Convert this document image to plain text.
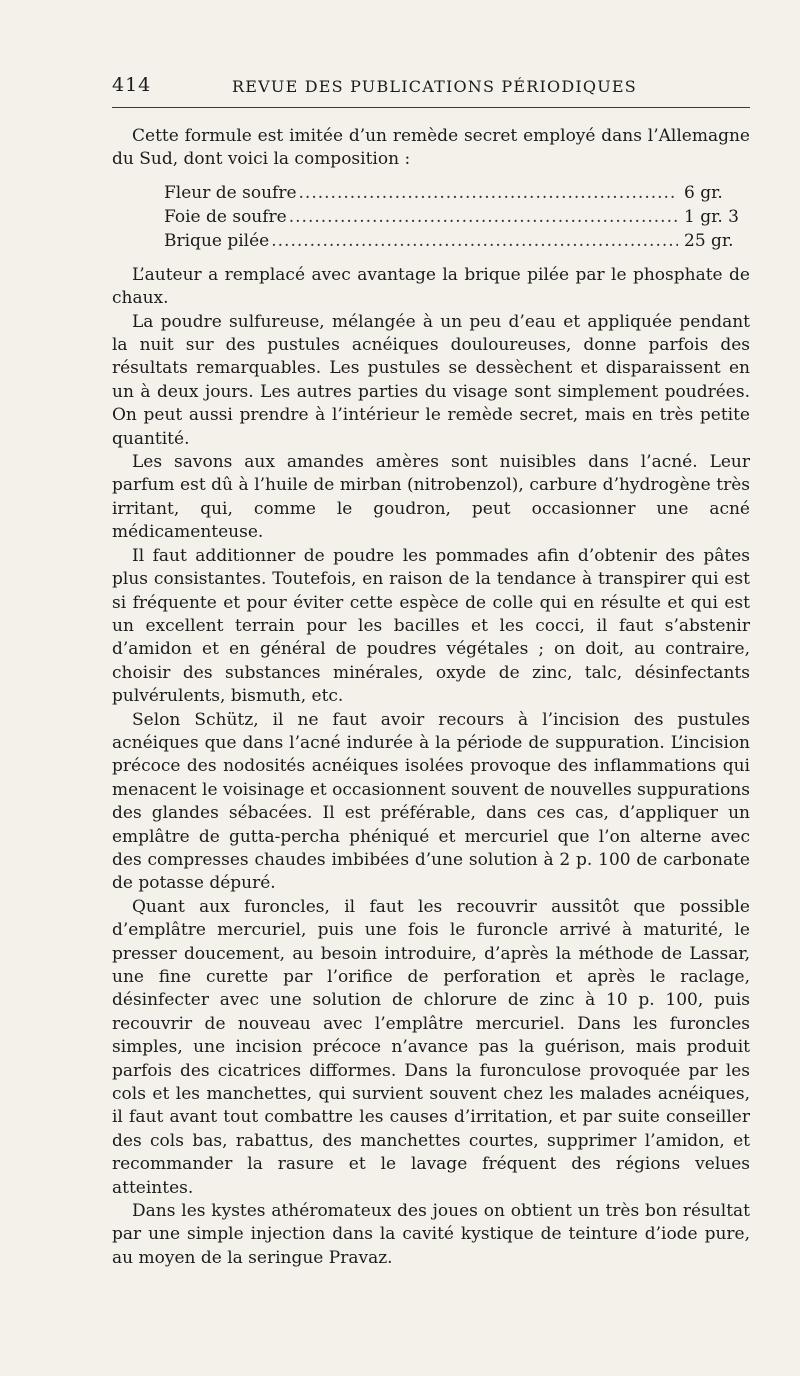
414	REVUE DES PUBLICATIONS PÉRIODIQUES

Cette formule est imitée d’un remède secret employé dans l’Allemagne du Sud, dont voici la composition :

Fleur de soufre .....	6 gr.
Foie de soufre .....	1 gr. 3
Brique pilée .....	25 gr.

L’auteur a remplacé avec avantage la brique pilée par le phosphate de chaux.

La poudre sulfureuse, mélangée à un peu d’eau et appliquée pendant la nuit sur des pustules acnéiques douloureuses, donne parfois des résultats remarquables. Les pustules se dessèchent et disparaissent en un à deux jours. Les autres parties du visage sont simplement poudrées. On peut aussi prendre à l’intérieur le remède secret, mais en très petite quantité.

Les savons aux amandes amères sont nuisibles dans l’acné. Leur parfum est dû à l’huile de mirban (nitrobenzol), carbure d’hydrogène très irritant, qui, comme le goudron, peut occasionner une acné médicamenteuse.

Il faut additionner de poudre les pommades afin d’obtenir des pâtes plus consistantes. Toutefois, en raison de la tendance à transpirer qui est si fréquente et pour éviter cette espèce de colle qui en résulte et qui est un excellent terrain pour les bacilles et les cocci, il faut s’abstenir d’amidon et en général de poudres végétales ; on doit, au contraire, choisir des substances minérales, oxyde de zinc, talc, désinfectants pulvérulents, bismuth, etc.

Selon Schütz, il ne faut avoir recours à l’incision des pustules acnéiques que dans l’acné indurée à la période de suppuration. L’incision précoce des nodosités acnéiques isolées provoque des inflammations qui menacent le voisinage et occasionnent souvent de nouvelles suppurations des glandes sébacées. Il est préférable, dans ces cas, d’appliquer un emplâtre de gutta-percha phéniqué et mercuriel que l’on alterne avec des compresses chaudes imbibées d’une solution à 2 p. 100 de carbonate de potasse dépuré.

Quant aux furoncles, il faut les recouvrir aussitôt que possible d’emplâtre mercuriel, puis une fois le furoncle arrivé à maturité, le presser doucement, au besoin introduire, d’après la méthode de Lassar, une fine curette par l’orifice de perforation et après le raclage, désinfecter avec une solution de chlorure de zinc à 10 p. 100, puis recouvrir de nouveau avec l’emplâtre mercuriel. Dans les furoncles simples, une incision précoce n’avance pas la guérison, mais produit parfois des cicatrices difformes. Dans la furonculose provoquée par les cols et les manchettes, qui survient souvent chez les malades acnéiques, il faut avant tout combattre les causes d’irritation, et par suite conseiller des cols bas, rabattus, des manchettes courtes, supprimer l’amidon, et recommander la rasure et le lavage fréquent des régions velues atteintes.

Dans les kystes athéromateux des joues on obtient un très bon résultat par une simple injection dans la cavité kystique de teinture d’iode pure, au moyen de la seringue Pravaz.
